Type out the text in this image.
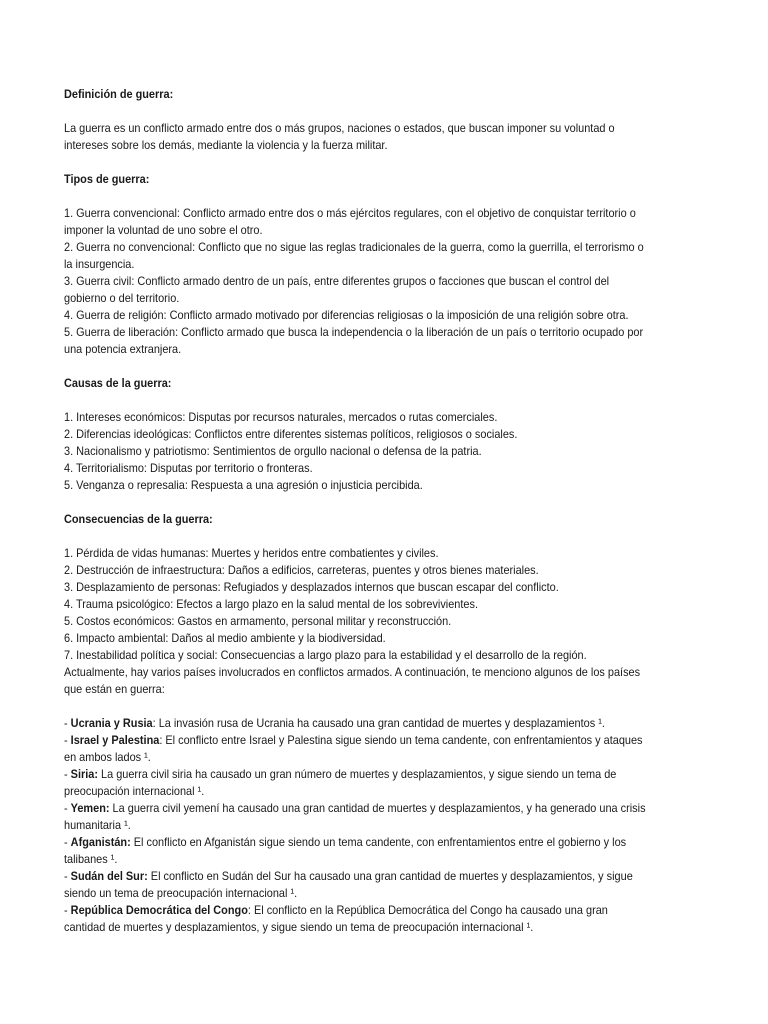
Definición de guerra:

La guerra es un conflicto armado entre dos o más grupos, naciones o estados, que buscan imponer su voluntad o intereses sobre los demás, mediante la violencia y la fuerza militar.

Tipos de guerra:

1. Guerra convencional: Conflicto armado entre dos o más ejércitos regulares, con el objetivo de conquistar territorio o imponer la voluntad de uno sobre el otro.

2. Guerra no convencional: Conflicto que no sigue las reglas tradicionales de la guerra, como la guerrilla, el terrorismo o la insurgencia.

3. Guerra civil: Conflicto armado dentro de un país, entre diferentes grupos o facciones que buscan el control del gobierno o del territorio.

4. Guerra de religión: Conflicto armado motivado por diferencias religiosas o la imposición de una religión sobre otra.

5. Guerra de liberación: Conflicto armado que busca la independencia o la liberación de un país o territorio ocupado por una potencia extranjera.

Causas de la guerra:

1. Intereses económicos: Disputas por recursos naturales, mercados o rutas comerciales.

2. Diferencias ideológicas: Conflictos entre diferentes sistemas políticos, religiosos o sociales.

3. Nacionalismo y patriotismo: Sentimientos de orgullo nacional o defensa de la patria.

4. Territorialismo: Disputas por territorio o fronteras.

5. Venganza o represalia: Respuesta a una agresión o injusticia percibida.

Consecuencias de la guerra:

1. Pérdida de vidas humanas: Muertes y heridos entre combatientes y civiles.

2. Destrucción de infraestructura: Daños a edificios, carreteras, puentes y otros bienes materiales.

3. Desplazamiento de personas: Refugiados y desplazados internos que buscan escapar del conflicto.

4. Trauma psicológico: Efectos a largo plazo en la salud mental de los sobrevivientes.

5. Costos económicos: Gastos en armamento, personal militar y reconstrucción.

6. Impacto ambiental: Daños al medio ambiente y la biodiversidad.

7. Inestabilidad política y social: Consecuencias a largo plazo para la estabilidad y el desarrollo de la región.

Actualmente, hay varios países involucrados en conflictos armados. A continuación, te menciono algunos de los países que están en guerra:

- Ucrania y Rusia: La invasión rusa de Ucrania ha causado una gran cantidad de muertes y desplazamientos ¹.

- Israel y Palestina: El conflicto entre Israel y Palestina sigue siendo un tema candente, con enfrentamientos y ataques en ambos lados ¹.

- Siria: La guerra civil siria ha causado un gran número de muertes y desplazamientos, y sigue siendo un tema de preocupación internacional ¹.

- Yemen: La guerra civil yemení ha causado una gran cantidad de muertes y desplazamientos, y ha generado una crisis humanitaria ¹.

- Afganistán: El conflicto en Afganistán sigue siendo un tema candente, con enfrentamientos entre el gobierno y los talibanes ¹.

- Sudán del Sur: El conflicto en Sudán del Sur ha causado una gran cantidad de muertes y desplazamientos, y sigue siendo un tema de preocupación internacional ¹.

- República Democrática del Congo: El conflicto en la República Democrática del Congo ha causado una gran cantidad de muertes y desplazamientos, y sigue siendo un tema de preocupación internacional ¹.
